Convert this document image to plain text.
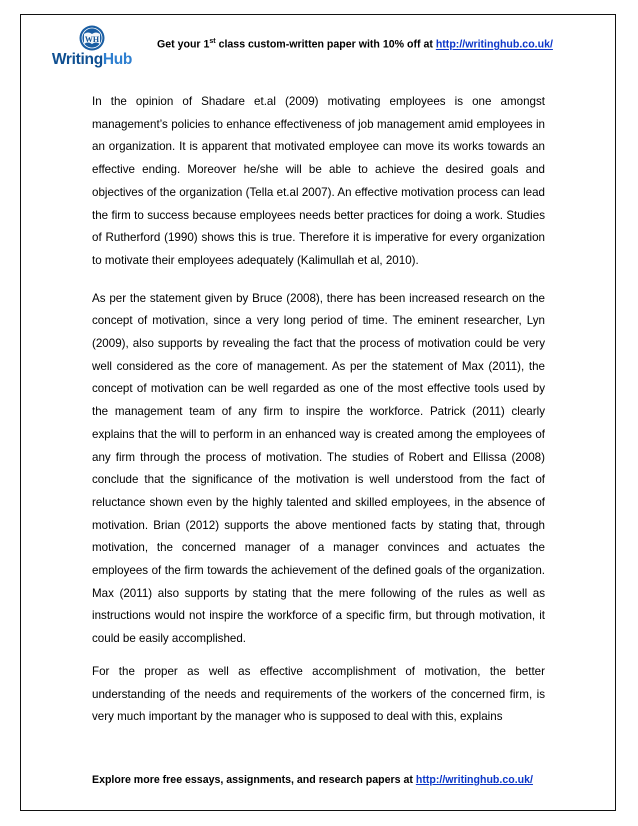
WH
WritingHub
Get your 1st class custom-written paper with 10% off at http://writinghub.co.uk/

In the opinion of Shadare et.al (2009) motivating employees is one amongst management’s policies to enhance effectiveness of job management amid employees in an organization. It is apparent that motivated employee can move its works towards an effective ending. Moreover he/she will be able to achieve the desired goals and objectives of the organization (Tella et.al 2007). An effective motivation process can lead the firm to success because employees needs better practices for doing a work. Studies of Rutherford (1990) shows this is true. Therefore it is imperative for every organization to motivate their employees adequately (Kalimullah et al, 2010).

As per the statement given by Bruce (2008), there has been increased research on the concept of motivation, since a very long period of time. The eminent researcher, Lyn (2009), also supports by revealing the fact that the process of motivation could be very well considered as the core of management. As per the statement of Max (2011), the concept of motivation can be well regarded as one of the most effective tools used by the management team of any firm to inspire the workforce. Patrick (2011) clearly explains that the will to perform in an enhanced way is created among the employees of any firm through the process of motivation. The studies of Robert and Ellissa (2008) conclude that the significance of the motivation is well understood from the fact of reluctance shown even by the highly talented and skilled employees, in the absence of motivation. Brian (2012) supports the above mentioned facts by stating that, through motivation, the concerned manager of a manager convinces and actuates the employees of the firm towards the achievement of the defined goals of the organization. Max (2011) also supports by stating that the mere following of the rules as well as instructions would not inspire the workforce of a specific firm, but through motivation, it could be easily accomplished.

For the proper as well as effective accomplishment of motivation, the better understanding of the needs and requirements of the workers of the concerned firm, is very much important by the manager who is supposed to deal with this, explains

Explore more free essays, assignments, and research papers at http://writinghub.co.uk/
